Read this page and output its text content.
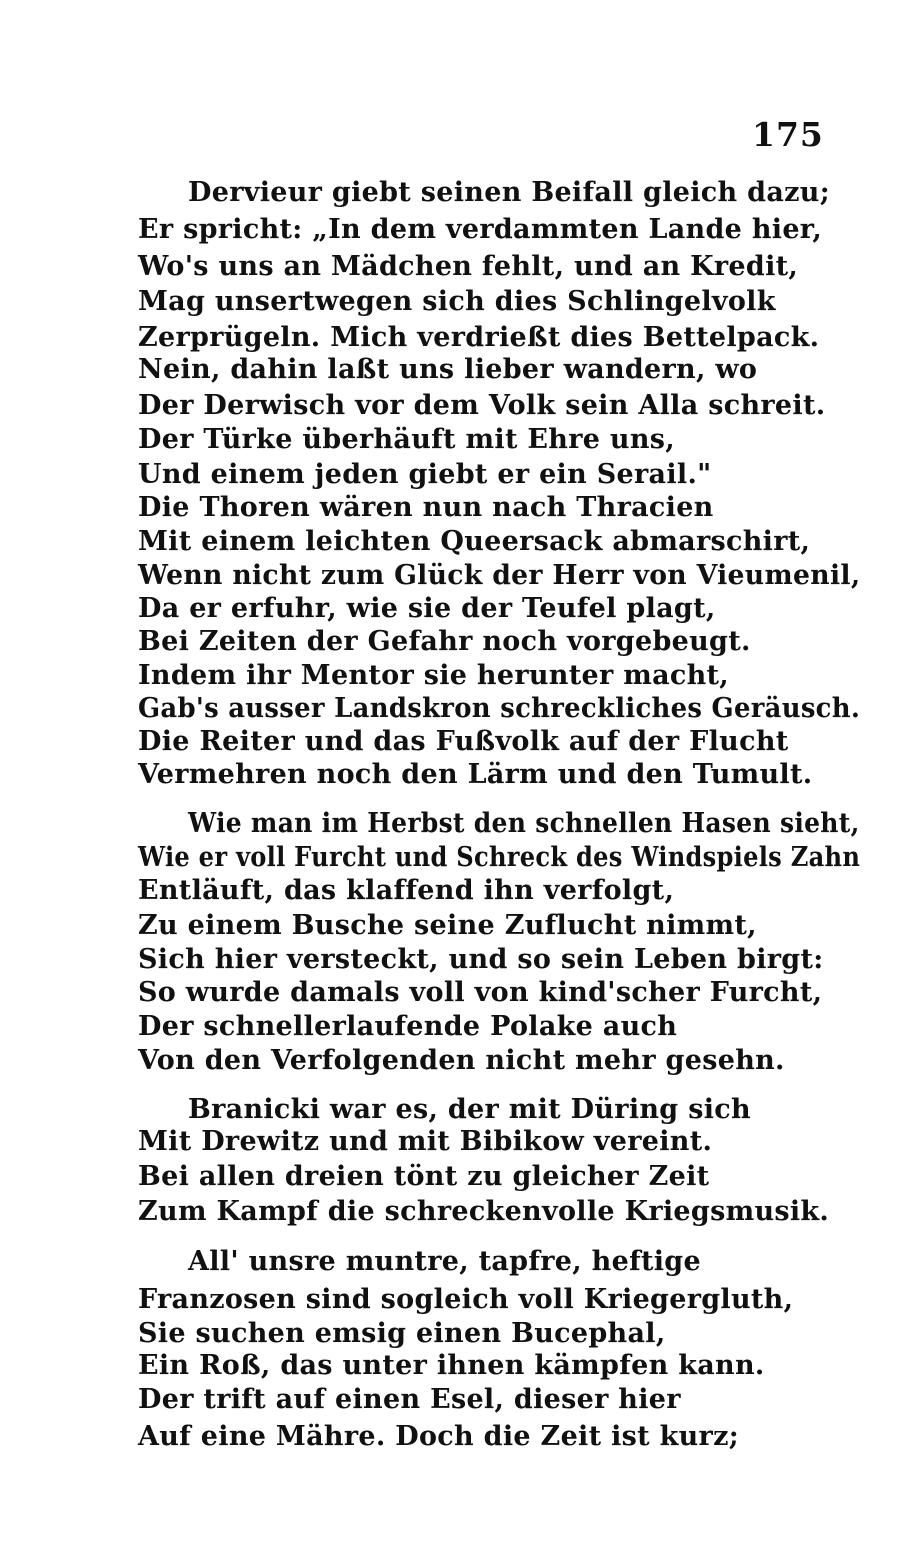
175
Dervieur giebt seinen Beifall gleich dazu;
Er spricht: „In dem verdammten Lande hier,
Wo's uns an Mädchen fehlt, und an Kredit,
Mag unsertwegen sich dies Schlingelvolk
Zerprügeln. Mich verdrießt dies Bettelpack.
Nein, dahin laßt uns lieber wandern, wo
Der Derwisch vor dem Volk sein Alla schreit.
Der Türke überhäuft mit Ehre uns,
Und einem jeden giebt er ein Serail."
Die Thoren wären nun nach Thracien
Mit einem leichten Queersack abmarschirt,
Wenn nicht zum Glück der Herr von Vieumenil,
Da er erfuhr, wie sie der Teufel plagt,
Bei Zeiten der Gefahr noch vorgebeugt.
Indem ihr Mentor sie herunter macht,
Gab's ausser Landskron schreckliches Geräusch.
Die Reiter und das Fußvolk auf der Flucht
Vermehren noch den Lärm und den Tumult.
Wie man im Herbst den schnellen Hasen sieht,
Wie er voll Furcht und Schreck des Windspiels Zahn
Entläuft, das klaffend ihn verfolgt,
Zu einem Busche seine Zuflucht nimmt,
Sich hier versteckt, und so sein Leben birgt:
So wurde damals voll von kind'scher Furcht,
Der schnellerlaufende Polake auch
Von den Verfolgenden nicht mehr gesehn.
Branicki war es, der mit Düring sich
Mit Drewitz und mit Bibikow vereint.
Bei allen dreien tönt zu gleicher Zeit
Zum Kampf die schreckenvolle Kriegsmusik.
All' unsre muntre, tapfre, heftige
Franzosen sind sogleich voll Kriegergluth,
Sie suchen emsig einen Bucephal,
Ein Roß, das unter ihnen kämpfen kann.
Der trift auf einen Esel, dieser hier
Auf eine Mähre. Doch die Zeit ist kurz;
